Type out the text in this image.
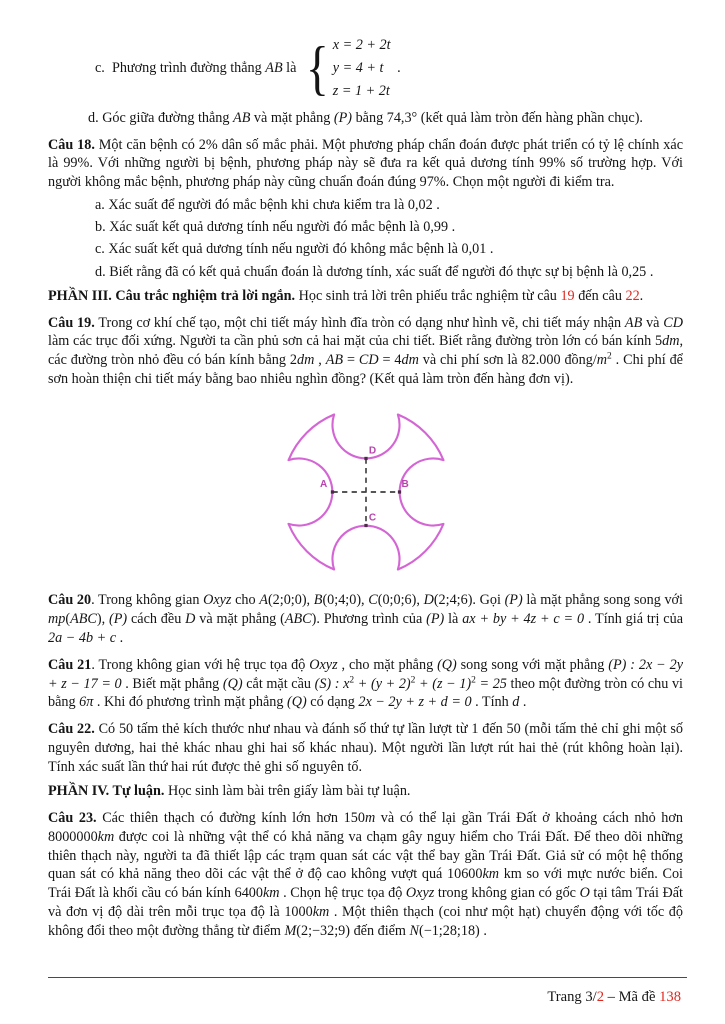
c.  Phương trình đường thẳng AB là { x = 2 + 2t
y = 4 + t
z = 1 + 2t
.
d. Góc giữa đường thẳng AB và mặt phẳng (P) bằng 74,3° (kết quả làm tròn đến hàng phần chục).
Câu 18. Một căn bệnh có 2% dân số mắc phải. Một phương pháp chẩn đoán được phát triển có tỷ lệ chính xác là 99%. Với những người bị bệnh, phương pháp này sẽ đưa ra kết quả dương tính 99% số trường hợp. Với người không mắc bệnh, phương pháp này cũng chuẩn đoán đúng 97%. Chọn một người đi kiểm tra.
a. Xác suất để người đó mắc bệnh khi chưa kiểm tra là 0,02 .
b. Xác suất kết quả dương tính nếu người đó mắc bệnh là 0,99 .
c. Xác suất kết quả dương tính nếu người đó không mắc bệnh là 0,01 .
d. Biết rằng đã có kết quả chuẩn đoán là dương tính, xác suất để người đó thực sự bị bệnh là 0,25 .
PHẦN III. Câu trắc nghiệm trả lời ngắn. Học sinh trả lời trên phiếu trắc nghiệm từ câu 19 đến câu 22.
Câu 19. Trong cơ khí chế tạo, một chi tiết máy hình đĩa tròn có dạng như hình vẽ, chi tiết máy nhận AB và CD làm các trục đối xứng. Người ta cần phủ sơn cả hai mặt của chi tiết. Biết rằng đường tròn lớn có bán kính 5dm, các đường tròn nhỏ đều có bán kính bằng 2dm , AB = CD = 4dm và chi phí sơn là 82.000 đồng/$m^2$ . Chi phí để sơn hoàn thiện chi tiết máy bằng bao nhiêu nghìn đồng? (Kết quả làm tròn đến hàng đơn vị).
A	B
C
D
Câu 20. Trong không gian Oxyz cho A(2;0;0), B(0;4;0), C(0;0;6), D(2;4;6). Gọi (P) là mặt phẳng song song với mp(ABC), (P) cách đều D và mặt phẳng (ABC). Phương trình của (P) là ax + by + 4z + c = 0 . Tính giá trị của 2a − 4b + c .
Câu 21. Trong không gian với hệ trục tọa độ Oxyz , cho mặt phẳng (Q) song song với mặt phẳng (P) : 2x − 2y + z − 17 = 0 . Biết mặt phẳng (Q) cắt mặt cầu (S) : $x^2 + (y + 2)^2 + (z - 1)^2 = 25$ theo một đường tròn có chu vi bằng 6π . Khi đó phương trình mặt phẳng (Q) có dạng 2x − 2y + z + d = 0 . Tính d .
Câu 22. Có 50 tấm thẻ kích thước như nhau và đánh số thứ tự lần lượt từ 1 đến 50 (mỗi tấm thẻ chỉ ghi một số nguyên dương, hai thẻ khác nhau ghi hai số khác nhau). Một người lần lượt rút hai thẻ (rút không hoàn lại). Tính xác suất lần thứ hai rút được thẻ ghi số nguyên tố.
PHẦN IV. Tự luận. Học sinh làm bài trên giấy làm bài tự luận.
Câu 23. Các thiên thạch có đường kính lớn hơn 150m và có thể lại gần Trái Đất ở khoảng cách nhỏ hơn 8000000km được coi là những vật thể có khả năng va chạm gây nguy hiểm cho Trái Đất. Để theo dõi những thiên thạch này, người ta đã thiết lập các trạm quan sát các vật thể bay gần Trái Đất. Giả sử có một hệ thống quan sát có khả năng theo dõi các vật thể ở độ cao không vượt quá 10600km km so với mực nước biển. Coi Trái Đất là khối cầu có bán kính 6400km . Chọn hệ trục tọa độ Oxyz trong không gian có gốc O tại tâm Trái Đất và đơn vị độ dài trên mỗi trục tọa độ là 1000km . Một thiên thạch (coi như một hạt) chuyển động với tốc độ không đổi theo một đường thẳng từ điểm M(2;−32;9) đến điểm N(−1;28;18) .
Trang 3/2 – Mã đề 138
